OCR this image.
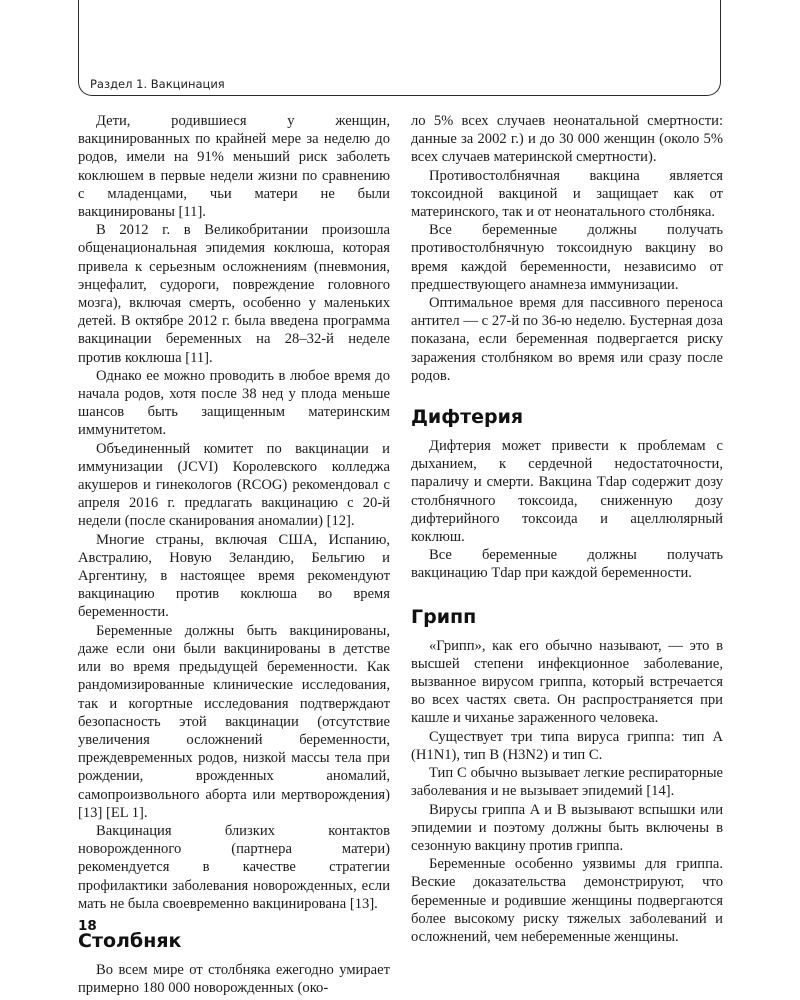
Раздел 1. Вакцинация

Дети, родившиеся у женщин, вакцинированных по крайней мере за неделю до родов, имели на 91% меньший риск заболеть коклюшем в первые недели жизни по сравнению с младенцами, чьи матери не были вакцинированы [11].

В 2012 г. в Великобритании произошла общенациональная эпидемия коклюша, которая привела к серьезным осложнениям (пневмония, энцефалит, судороги, повреждение головного мозга), включая смерть, особенно у маленьких детей. В октябре 2012 г. была введена программа вакцинации беременных на 28–32-й неделе против коклюша [11].

Однако ее можно проводить в любое время до начала родов, хотя после 38 нед у плода меньше шансов быть защищенным материнским иммунитетом.

Объединенный комитет по вакцинации и иммунизации (JCVI) Королевского колледжа акушеров и гинекологов (RCOG) рекомендовал с апреля 2016 г. предлагать вакцинацию с 20-й недели (после сканирования аномалии) [12].

Многие страны, включая США, Испанию, Австралию, Новую Зеландию, Бельгию и Аргентину, в настоящее время рекомендуют вакцинацию против коклюша во время беременности.

Беременные должны быть вакцинированы, даже если они были вакцинированы в детстве или во время предыдущей беременности. Как рандомизированные клинические исследования, так и когортные исследования подтверждают безопасность этой вакцинации (отсутствие увеличения осложнений беременности, преждевременных родов, низкой массы тела при рождении, врожденных аномалий, самопроизвольного аборта или мертворождения) [13] [EL 1].

Вакцинация близких контактов новорожденного (партнера матери) рекомендуется в качестве стратегии профилактики заболевания новорожденных, если мать не была своевременно вакцинирована [13].

Столбняк

Во всем мире от столбняка ежегодно умирает примерно 180 000 новорожденных (око-

ло 5% всех случаев неонатальной смертности: данные за 2002 г.) и до 30 000 женщин (около 5% всех случаев материнской смертности).

Противостолбнячная вакцина является токсоидной вакциной и защищает как от материнского, так и от неонатального столбняка.

Все беременные должны получать противостолбнячную токсоидную вакцину во время каждой беременности, независимо от предшествующего анамнеза иммунизации.

Оптимальное время для пассивного переноса антител — с 27-й по 36-ю неделю. Бустерная доза показана, если беременная подвергается риску заражения столбняком во время или сразу после родов.

Дифтерия

Дифтерия может привести к проблемам с дыханием, к сердечной недостаточности, параличу и смерти. Вакцина Tdap содержит дозу столбнячного токсоида, сниженную дозу дифтерийного токсоида и ацеллюлярный коклюш.

Все беременные должны получать вакцинацию Tdap при каждой беременности.

Грипп

«Грипп», как его обычно называют, — это в высшей степени инфекционное заболевание, вызванное вирусом гриппа, который встречается во всех частях света. Он распространяется при кашле и чиханье зараженного человека.

Существует три типа вируса гриппа: тип A (H1N1), тип B (H3N2) и тип C.

Тип C обычно вызывает легкие респираторные заболевания и не вызывает эпидемий [14].

Вирусы гриппа A и B вызывают вспышки или эпидемии и поэтому должны быть включены в сезонную вакцину против гриппа.

Беременные особенно уязвимы для гриппа. Веские доказательства демонстрируют, что беременные и родившие женщины подвергаются более высокому риску тяжелых заболеваний и осложнений, чем небеременные женщины.

18
